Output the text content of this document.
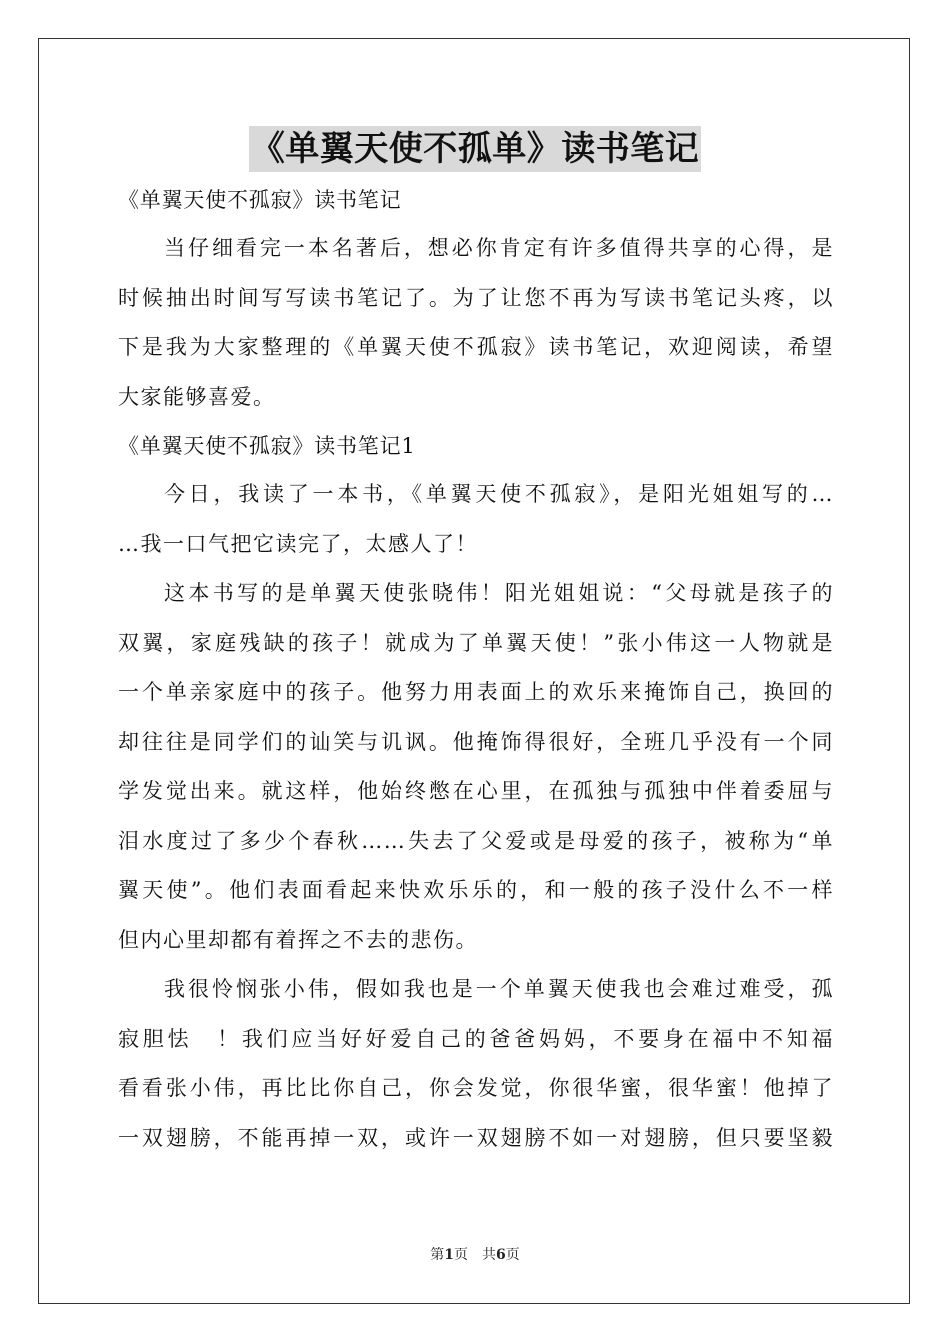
《单翼天使不孤单》读书笔记
《单翼天使不孤寂》读书笔记
当仔细看完一本名著后，想必你肯定有许多值得共享的心得，是
时候抽出时间写写读书笔记了。为了让您不再为写读书笔记头疼，以
下是我为大家整理的《单翼天使不孤寂》读书笔记，欢迎阅读，希望
大家能够喜爱。
《单翼天使不孤寂》读书笔记1
今日，我读了一本书，《单翼天使不孤寂》，是阳光姐姐写的…
…我一口气把它读完了，太感人了！
这本书写的是单翼天使张晓伟！阳光姐姐说：“父母就是孩子的
双翼，家庭残缺的孩子！就成为了单翼天使！”张小伟这一人物就是
一个单亲家庭中的孩子。他努力用表面上的欢乐来掩饰自己，换回的
却往往是同学们的讪笑与讥讽。他掩饰得很好，全班几乎没有一个同
学发觉出来。就这样，他始终憋在心里，在孤独与孤独中伴着委屈与
泪水度过了多少个春秋……失去了父爱或是母爱的孩子，被称为“单
翼天使”。他们表面看起来快欢乐乐的，和一般的孩子没什么不一样
但内心里却都有着挥之不去的悲伤。
我很怜悯张小伟，假如我也是一个单翼天使我也会难过难受，孤
寂胆怯　！我们应当好好爱自己的爸爸妈妈，不要身在福中不知福
看看张小伟，再比比你自己，你会发觉，你很华蜜，很华蜜！他掉了
一双翅膀，不能再掉一双，或许一双翅膀不如一对翅膀，但只要坚毅
第1页　共6页
